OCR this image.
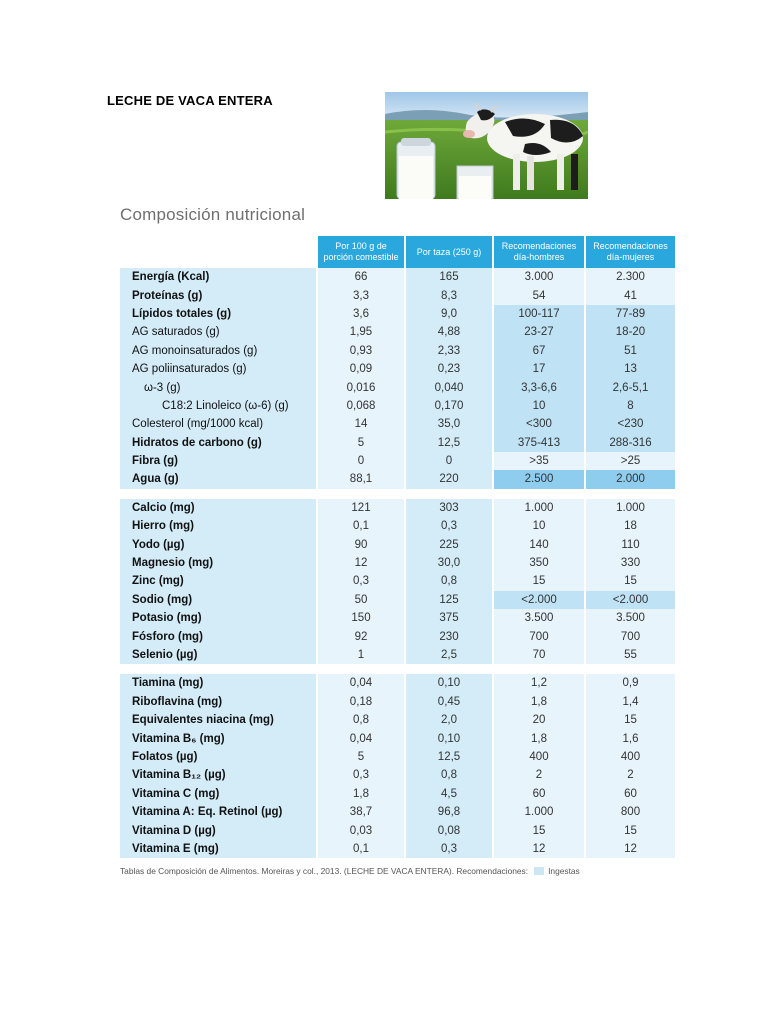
LECHE DE VACA ENTERA
Composición nutricional
	Por 100 g de porción comestible	Por taza (250 g)	Recomendaciones día-hombres	Recomendaciones día-mujeres
Energía (Kcal)	66	165	3.000	2.300
Proteínas (g)	3,3	8,3	54	41
Lípidos totales (g)	3,6	9,0	100-117	77-89
AG saturados (g)	1,95	4,88	23-27	18-20
AG monoinsaturados (g)	0,93	2,33	67	51
AG poliinsaturados (g)	0,09	0,23	17	13
ω-3 (g)	0,016	0,040	3,3-6,6	2,6-5,1
C18:2 Linoleico (ω-6) (g)	0,068	0,170	10	8
Colesterol (mg/1000 kcal)	14	35,0	<300	<230
Hidratos de carbono (g)	5	12,5	375-413	288-316
Fibra (g)	0	0	>35	>25
Agua (g)	88,1	220	2.500	2.000

Calcio (mg)	121	303	1.000	1.000
Hierro (mg)	0,1	0,3	10	18
Yodo (µg)	90	225	140	110
Magnesio (mg)	12	30,0	350	330
Zinc (mg)	0,3	0,8	15	15
Sodio (mg)	50	125	<2.000	<2.000
Potasio (mg)	150	375	3.500	3.500
Fósforo (mg)	92	230	700	700
Selenio (µg)	1	2,5	70	55

Tiamina (mg)	0,04	0,10	1,2	0,9
Riboflavina (mg)	0,18	0,45	1,8	1,4
Equivalentes niacina (mg)	0,8	2,0	20	15
Vitamina B₆ (mg)	0,04	0,10	1,8	1,6
Folatos (µg)	5	12,5	400	400
Vitamina B₁₂ (µg)	0,3	0,8	2	2
Vitamina C (mg)	1,8	4,5	60	60
Vitamina A: Eq. Retinol (µg)	38,7	96,8	1.000	800
Vitamina D (µg)	0,03	0,08	15	15
Vitamina E (mg)	0,1	0,3	12	12
Tablas de Composición de Alimentos. Moreiras y col., 2013. (LECHE DE VACA ENTERA). Recomendaciones: Ingestas
